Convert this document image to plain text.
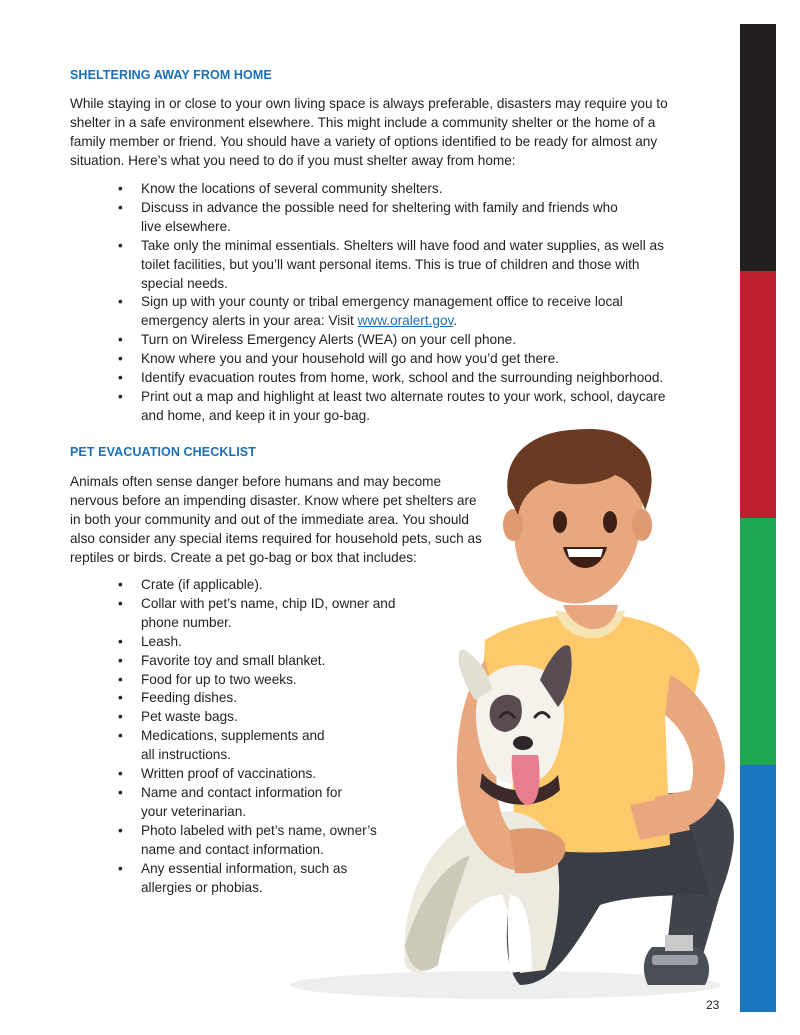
SHELTERING AWAY FROM HOME
While staying in or close to your own living space is always preferable, disasters may require you to
shelter in a safe environment elsewhere. This might include a community shelter or the home of a
family member or friend. You should have a variety of options identified to be ready for almost any
situation. Here’s what you need to do if you must shelter away from home:
• Know the locations of several community shelters.
• Discuss in advance the possible need for sheltering with family and friends who
live elsewhere.
• Take only the minimal essentials. Shelters will have food and water supplies, as well as
toilet facilities, but you’ll want personal items. This is true of children and those with
special needs.
• Sign up with your county or tribal emergency management office to receive local
emergency alerts in your area: Visit www.oralert.gov.
• Turn on Wireless Emergency Alerts (WEA) on your cell phone.
• Know where you and your household will go and how you’d get there.
• Identify evacuation routes from home, work, school and the surrounding neighborhood.
• Print out a map and highlight at least two alternate routes to your work, school, daycare
and home, and keep it in your go-bag.
PET EVACUATION CHECKLIST
Animals often sense danger before humans and may become
nervous before an impending disaster. Know where pet shelters are
in both your community and out of the immediate area. You should
also consider any special items required for household pets, such as
reptiles or birds. Create a pet go-bag or box that includes:
• Crate (if applicable).
• Collar with pet’s name, chip ID, owner and
phone number.
• Leash.
• Favorite toy and small blanket.
• Food for up to two weeks.
• Feeding dishes.
• Pet waste bags.
• Medications, supplements and
all instructions.
• Written proof of vaccinations.
• Name and contact information for
your veterinarian.
• Photo labeled with pet’s name, owner’s
name and contact information.
• Any essential information, such as
allergies or phobias.
23
